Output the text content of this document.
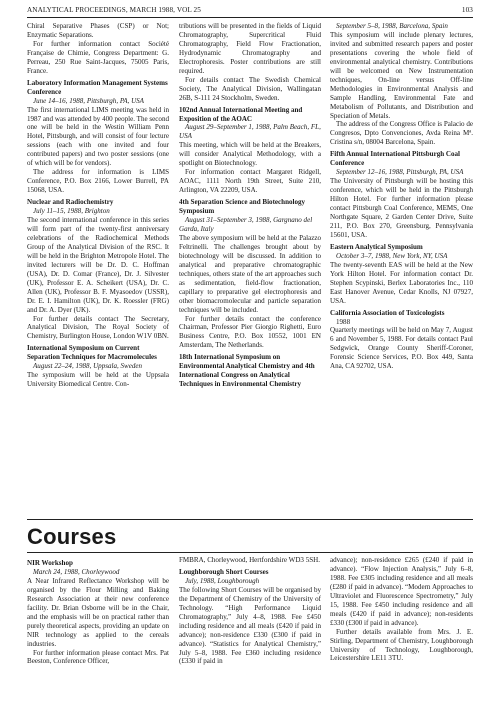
ANALYTICAL PROCEEDINGS, MARCH 1988, VOL 25	103

Chiral Separative Phases (CSP) or Not; Enzymatic Separations.

For further information contact Société Française de Chimie, Congress Department: G. Perreau, 250 Rue Saint-Jacques, 75005 Paris, France.

Laboratory Information Management Systems Conference

June 14–16, 1988, Pittsburgh, PA, USA

The first international LIMS meeting was held in 1987 and was attended by 400 people. The second one will be held in the Westin William Penn Hotel, Pittsburgh, and will consist of four lecture sessions (each with one invited and four contributed papers) and two poster sessions (one of which will be for vendors).

The address for information is LIMS Conference, P.O. Box 2166, Lower Burrell, PA 15068, USA.

Nuclear and Radiochemistry

July 11–15, 1988, Brighton

The second international conference in this series will form part of the twenty-first anniversary celebrations of the Radiochemical Methods Group of the Analytical Division of the RSC. It will be held in the Brighton Metropole Hotel. The invited lecturers will be Dr. D. C. Hoffman (USA), Dr. D. Comar (France), Dr. J. Silvester (UK), Professor E. A. Scheikert (USA), Dr. C. Allen (UK), Professor B. F. Myasoedov (USSR), Dr. E. I. Hamilton (UK), Dr. K. Roessler (FRG) and Dr. A. Dyer (UK).

For further details contact The Secretary, Analytical Division, The Royal Society of Chemistry, Burlington House, London W1V 0BN.

International Symposium on Current Separation Techniques for Macromolecules

August 22–24, 1988, Uppsala, Sweden

The symposium will be held at the Uppsala University Biomedical Centre. Con-

tributions will be presented in the fields of Liquid Chromatography, Supercritical Fluid Chromatography, Field Flow Fractionation, Hydrodynamic Chromatography and Electrophoresis. Poster contributions are still required.

For details contact The Swedish Chemical Society, The Analytical Division, Wallingatan 26B, S-111 24 Stockholm, Sweden.

102nd Annual International Meeting and Exposition of the AOAC

August 29–September 1, 1988, Palm Beach, FL, USA

This meeting, which will be held at the Breakers, will consider Analytical Methodology, with a spotlight on Biotechnology.

For information contact Margaret Ridgell, AOAC, 1111 North 19th Street, Suite 210, Arlington, VA 22209, USA.

4th Separation Science and Biotechnology Symposium

August 31–September 3, 1988, Gargnano del Garda, Italy

The above symposium will be held at the Palazzo Feltrinelli. The challenges brought about by biotechnology will be discussed. In addition to analytical and preparative chromatographic techniques, others state of the art approaches such as sedimentation, field-flow fractionation, capillary to preparative gel electrophoresis and other biomacromolecular and particle separation techniques will be included.

For further details contact the conference Chairman, Professor Pier Giorgio Righetti, Euro Business Centre, P.O. Box 10552, 1001 EN Amsterdam, The Netherlands.

18th International Symposium on Environmental Analytical Chemistry and 4th International Congress on Analytical Techniques in Environmental Chemistry

September 5–8, 1988, Barcelona, Spain

This symposium will include plenary lectures, invited and submitted research papers and poster presentations covering the whole field of environmental analytical chemistry. Contributions will be welcomed on New Instrumentation techniques, On-line versus Off-line Methodologies in Environmental Analysis and Sample Handling, Environmental Fate and Metabolism of Pollutants, and Distribution and Speciation of Metals.

The address of the Congress Office is Palacio de Congresos, Dpto Convenciones, Avda Reina Mª. Cristina s/n, 08004 Barcelona, Spain.

Fifth Annual International Pittsburgh Coal Conference

September 12–16, 1988, Pittsburgh, PA, USA

The University of Pittsburgh will be hosting this conference, which will be held in the Pittsburgh Hilton Hotel. For further information please contact Pittsburgh Coal Conference, MEMS, One Northgate Square, 2 Garden Center Drive, Suite 211, P.O. Box 270, Greensburg, Pennsylvania 15601, USA.

Eastern Analytical Symposium

October 3–7, 1988, New York, NY, USA

The twenty-seventh EAS will be held at the New York Hilton Hotel. For information contact Dr. Stephen Scypinski, Berlex Laboratories Inc., 110 East Hanover Avenue, Cedar Knolls, NJ 07927, USA.

California Association of Toxicologists

1988

Quarterly meetings will be held on May 7, August 6 and November 5, 1988. For details contact Paul Sedgwick, Orange County Sheriff-Coroner, Forensic Science Services, P.O. Box 449, Santa Ana, CA 92702, USA.

Courses
NIR Workshop

March 24, 1988, Chorleywood

A Near Infrared Reflectance Workshop will be organised by the Flour Milling and Baking Research Association at their new conference facility. Dr. Brian Osborne will be in the Chair, and the emphasis will be on practical rather than purely theoretical aspects, providing an update on NIR technology as applied to the cereals industries.

For further information please contact Mrs. Pat Beeston, Conference Officer,

FMBRA, Chorleywood, Hertfordshire WD3 5SH.

Loughborough Short Courses

July, 1988, Loughborough

The following Short Courses will be organised by the Department of Chemistry of the University of Technology. “High Performance Liquid Chromatography,” July 4–8, 1988. Fee £450 including residence and all meals (£420 if paid in advance); non-residence £330 (£300 if paid in advance). “Statistics for Analytical Chemistry,” July 5–8, 1988. Fee £360 including residence (£330 if paid in

advance); non-residence £265 (£240 if paid in advance). “Flow Injection Analysis,” July 6–8, 1988. Fee £305 including residence and all meals (£280 if paid in advance). “Modern Approaches to Ultraviolet and Fluorescence Spectrometry,” July 15, 1988. Fee £450 including residence and all meals (£420 if paid in advance); non-residents £330 (£300 if paid in advance).

Further details available from Mrs. J. E. Stirling, Department of Chemistry, Loughborough University of Technology, Loughborough, Leicestershire LE11 3TU.
